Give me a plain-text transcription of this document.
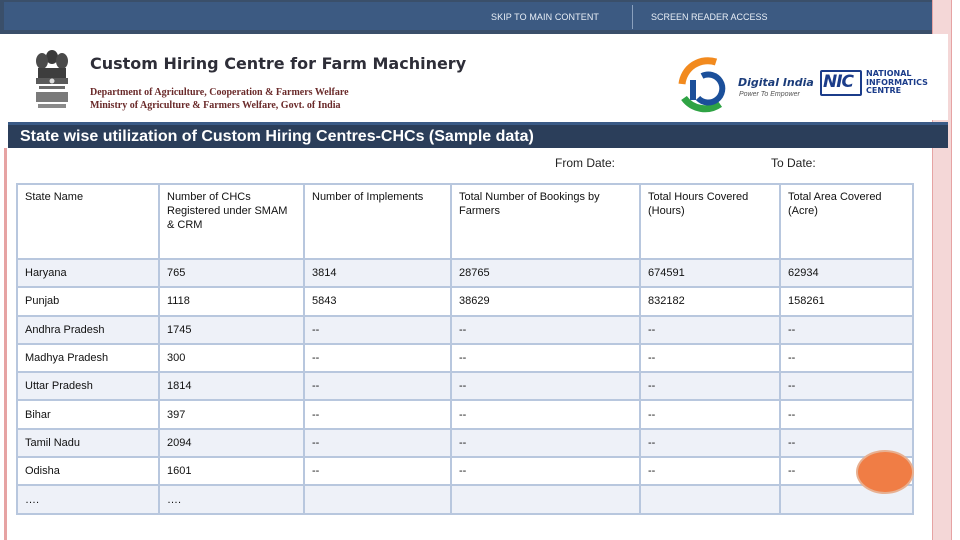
SKIP TO MAIN CONTENT	SCREEN READER ACCESS
Custom Hiring Centre for Farm Machinery
Department of Agriculture, Cooperation & Farmers Welfare
Ministry of Agriculture & Farmers Welfare, Govt. of India
Digital India
Power To Empower
NIC NATIONAL INFORMATICS CENTRE
State wise utilization of Custom Hiring Centres-CHCs (Sample data)
From Date:	To Date:
State Name	Number of CHCs Registered under SMAM & CRM	Number of Implements	Total Number of Bookings by Farmers	Total Hours Covered (Hours)	Total Area Covered (Acre)
Haryana	765	3814	28765	674591	62934
Punjab	1118	5843	38629	832182	158261
Andhra Pradesh	1745	--	--	--	--
Madhya Pradesh	300	--	--	--	--
Uttar Pradesh	1814	--	--	--	--
Bihar	397	--	--	--	--
Tamil Nadu	2094	--	--	--	--
Odisha	1601	--	--	--	--
….	….				
